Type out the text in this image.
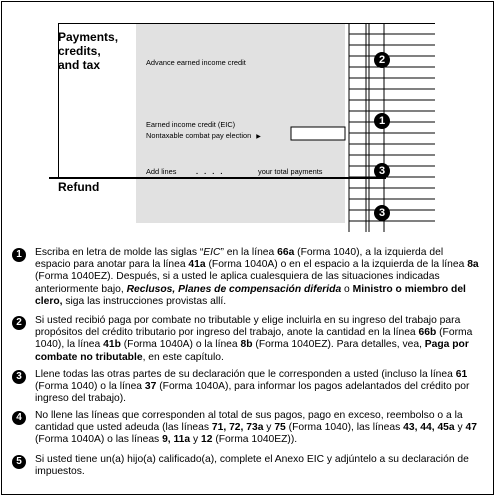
Payments,
credits,
and tax
Refund
Advance earned income credit
Earned income credit (EIC)
Nontaxable combat pay election ▶
Add lines	. . . .	your total payments
2
1
3
3
1	Escriba en letra de molde las siglas “EIC” en la línea 66a (Forma 1040), a la izquierda del espacio para anotar para la línea 41a (Forma 1040A) o en el espacio a la izquierda de la línea 8a (Forma 1040EZ). Después, si a usted le aplica cualesquiera de las situaciones indicadas anteriormente bajo, Reclusos, Planes de compensación diferida o Ministro o miembro del clero, siga las instrucciones provistas allí.
2	Si usted recibió paga por combate no tributable y elige incluirla en su ingreso del trabajo para propósitos del crédito tributario por ingreso del trabajo, anote la cantidad en la línea 66b (Forma 1040), la línea 41b (Forma 1040A) o la línea 8b (Forma 1040EZ). Para detalles, vea, Paga por combate no tributable, en este capítulo.
3	Llene todas las otras partes de su declaración que le corresponden a usted (incluso la línea 61 (Forma 1040) o la línea 37 (Forma 1040A), para informar los pagos adelantados del crédito por ingreso del trabajo).
4	No llene las líneas que corresponden al total de sus pagos, pago en exceso, reembolso o a la cantidad que usted adeuda (las líneas 71, 72, 73a y 75 (Forma 1040), las líneas 43, 44, 45a y 47 (Forma 1040A) o las líneas 9, 11a y 12 (Forma 1040EZ)).
5	Si usted tiene un(a) hijo(a) calificado(a), complete el Anexo EIC y adjúntelo a su declaración de impuestos.
